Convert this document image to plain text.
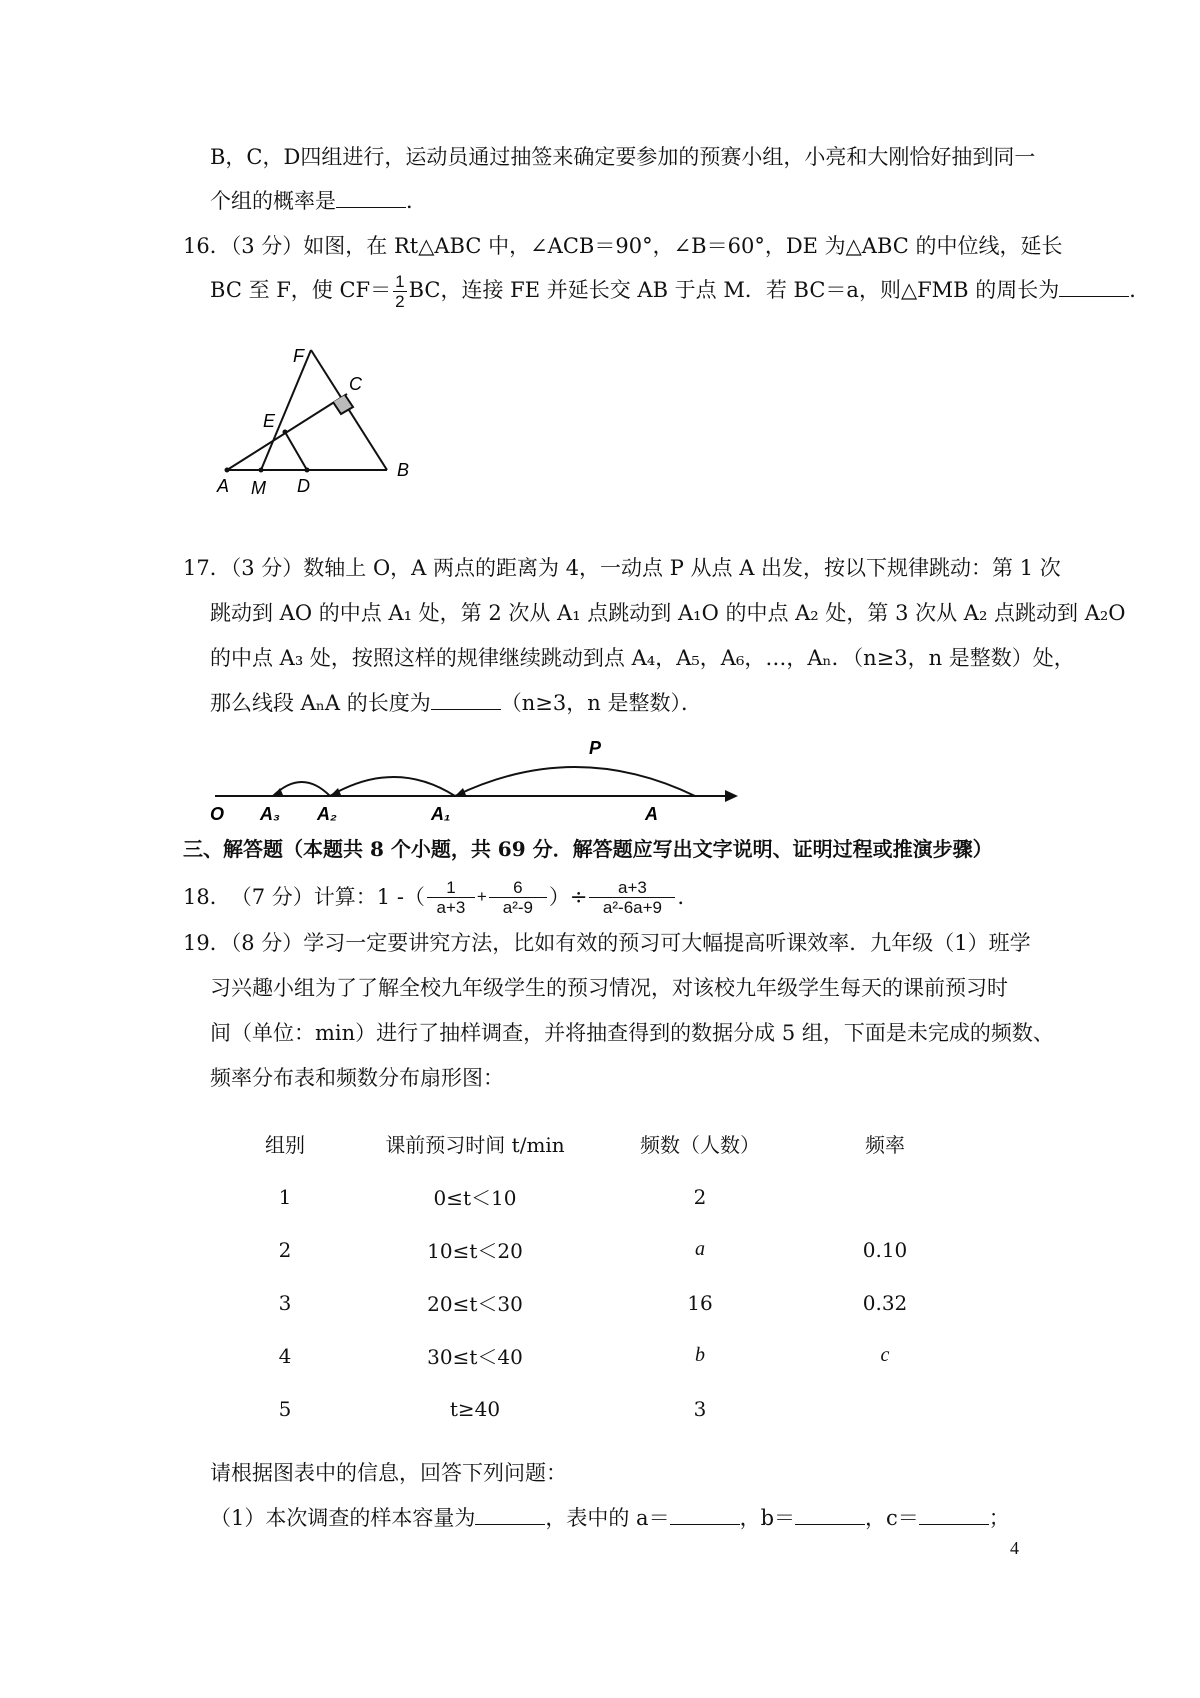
B，C，D四组进行，运动员通过抽签来确定要参加的预赛小组，小亮和大刚恰好抽到同一
个组的概率是	．
16．（3 分）如图，在 Rt△ABC 中，∠ACB＝90°，∠B＝60°，DE 为△ABC 的中位线，延长
BC 至 F，使 $CF= \frac{1}{2}$ BC，连接 FE 并延长交 AB 于点 M．若 BC＝a，则△FMB 的周长为	．
F
C
E
A M D
B
17．（3 分）数轴上 O，A 两点的距离为 4，一动点 P 从点 A 出发，按以下规律跳动：第 1 次
跳动到 AO 的中点 A₁ 处，第 2 次从 A₁ 点跳动到 A₁O 的中点 A₂ 处，第 3 次从 A₂ 点跳动到 A₂O
的中点 A₃ 处，按照这样的规律继续跳动到点 A₄，A₅，A₆，…，Aₙ．（n≥3，n 是整数）处，
那么线段 AₙA 的长度为	（n≥3，n 是整数）．
O A₃ A₂	A₁	A
P
三、解答题（本题共 8 个小题，共 69 分．解答题应写出文字说明、证明过程或推演步骤）
18． （7 分） 计算：1 -（ $\frac{1}{a+3} + \frac{6}{\text{a²-9}}$ ）÷ $\frac{a+3}{\text{a²-6a+9}}$ ．
19．（8 分）学习一定要讲究方法，比如有效的预习可大幅提高听课效率．九年级（1）班学
习兴趣小组为了了解全校九年级学生的预习情况，对该校九年级学生每天的课前预习时
间（单位：min）进行了抽样调查，并将抽查得到的数据分成 5 组，下面是未完成的频数、
频率分布表和频数分布扇形图：
组别	课前预习时间 t/min	频数（人数）	频率
1	0≤t＜10	2	
2	10≤t＜20	a	0.10
3	20≤t＜30	16	0.32
4	30≤t＜40	b	c
5	t≥40	3	
请根据图表中的信息，回答下列问题：
（1）本次调查的样本容量为	，表中的 a＝	，b＝	，c＝	；
4
